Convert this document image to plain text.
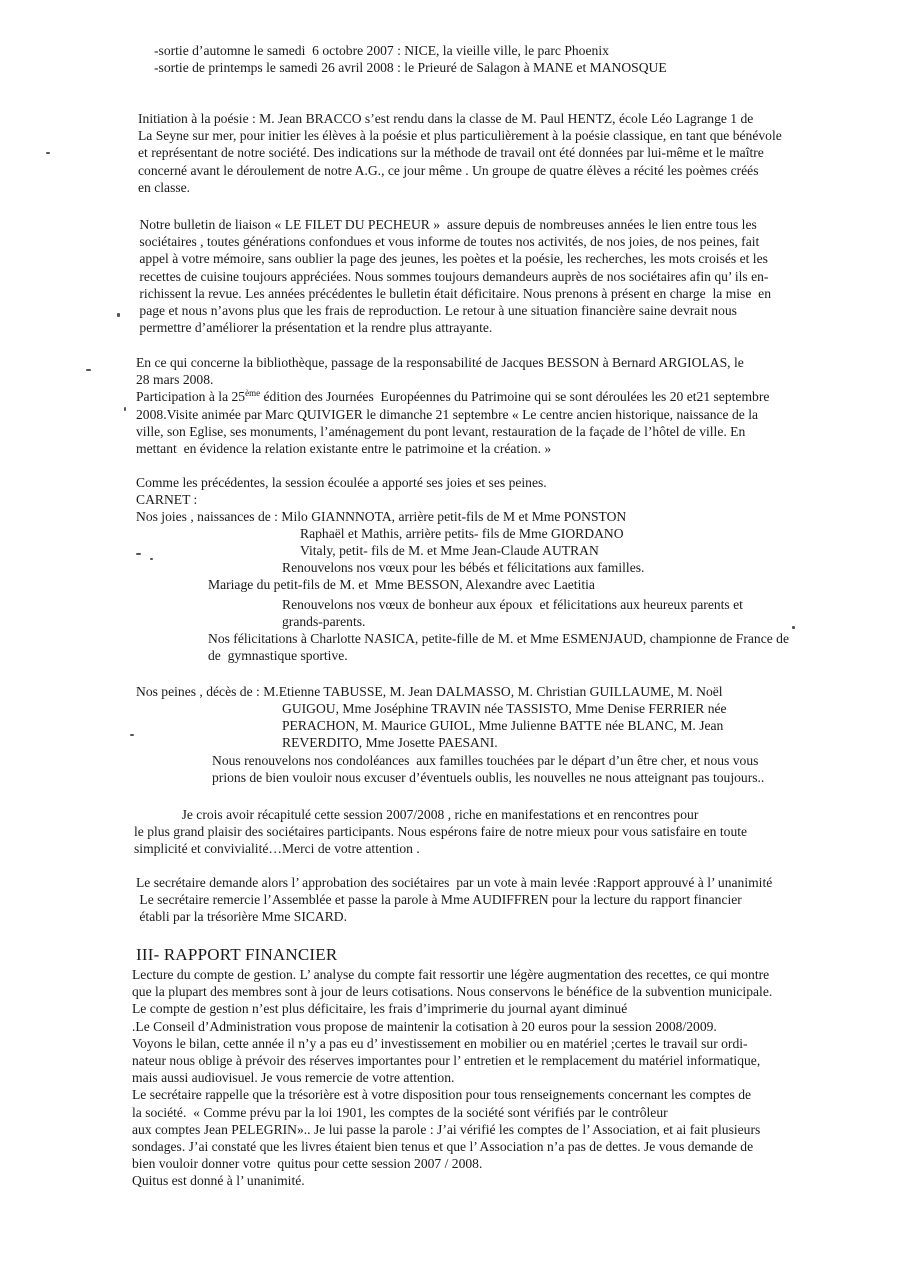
-sortie d’automne le samedi  6 octobre 2007 : NICE, la vieille ville, le parc Phoenix

-sortie de printemps le samedi 26 avril 2008 : le Prieuré de Salagon à MANE et MANOSQUE

Initiation à la poésie : M. Jean BRACCO s’est rendu dans la classe de M. Paul HENTZ, école Léo Lagrange 1 de

La Seyne sur mer, pour initier les élèves à la poésie et plus particulièrement à la poésie classique, en tant que bénévole

et représentant de notre société. Des indications sur la méthode de travail ont été données par lui-même et le maître

concerné avant le déroulement de notre A.G., ce jour même . Un groupe de quatre élèves a récité les poèmes créés

en classe.

Notre bulletin de liaison « LE FILET DU PECHEUR »  assure depuis de nombreuses années le lien entre tous les

sociétaires , toutes générations confondues et vous informe de toutes nos activités, de nos joies, de nos peines, fait

appel à votre mémoire, sans oublier la page des jeunes, les poètes et la poésie, les recherches, les mots croisés et les

recettes de cuisine toujours appréciées. Nous sommes toujours demandeurs auprès de nos sociétaires afin qu’ ils en-

richissent la revue. Les années précédentes le bulletin était déficitaire. Nous prenons à présent en charge  la mise  en

page et nous n’avons plus que les frais de reproduction. Le retour à une situation financière saine devrait nous

permettre d’améliorer la présentation et la rendre plus attrayante.

En ce qui concerne la bibliothèque, passage de la responsabilité de Jacques BESSON à Bernard ARGIOLAS, le

28 mars 2008.

Participation à la 25ème édition des Journées  Européennes du Patrimoine qui se sont déroulées les 20 et21 septembre

2008.Visite animée par Marc QUIVIGER le dimanche 21 septembre « Le centre ancien historique, naissance de la

ville, son Eglise, ses monuments, l’aménagement du pont levant, restauration de la façade de l’hôtel de ville. En

mettant  en évidence la relation existante entre le patrimoine et la création. »

Comme les précédentes, la session écoulée a apporté ses joies et ses peines.

CARNET :

Nos joies , naissances de : Milo GIANNNOTA, arrière petit-fils de M et Mme PONSTON

Raphaël et Mathis, arrière petits- fils de Mme GIORDANO

Vitaly, petit- fils de M. et Mme Jean-Claude AUTRAN

Renouvelons nos vœux pour les bébés et félicitations aux familles.

Mariage du petit-fils de M. et  Mme BESSON, Alexandre avec Laetitia

Renouvelons nos vœux de bonheur aux époux  et félicitations aux heureux parents et

grands-parents.

Nos félicitations à Charlotte NASICA, petite-fille de M. et Mme ESMENJAUD, championne de France de

de  gymnastique sportive.

Nos peines , décès de : M.Etienne TABUSSE, M. Jean DALMASSO, M. Christian GUILLAUME, M. Noël

GUIGOU, Mme Joséphine TRAVIN née TASSISTO, Mme Denise FERRIER née

PERACHON, M. Maurice GUIOL, Mme Julienne BATTE née BLANC, M. Jean

REVERDITO, Mme Josette PAESANI.

Nous renouvelons nos condoléances  aux familles touchées par le départ d’un être cher, et nous vous

prions de bien vouloir nous excuser d’éventuels oublis, les nouvelles ne nous atteignant pas toujours..

Je crois avoir récapitulé cette session 2007/2008 , riche en manifestations et en rencontres pour

le plus grand plaisir des sociétaires participants. Nous espérons faire de notre mieux pour vous satisfaire en toute

simplicité et convivialité…Merci de votre attention .

Le secrétaire demande alors l’ approbation des sociétaires  par un vote à main levée :Rapport approuvé à l’ unanimité

Le secrétaire remercie l’Assemblée et passe la parole à Mme AUDIFFREN pour la lecture du rapport financier

établi par la trésorière Mme SICARD.

III- RAPPORT FINANCIER

Lecture du compte de gestion. L’ analyse du compte fait ressortir une légère augmentation des recettes, ce qui montre

que la plupart des membres sont à jour de leurs cotisations. Nous conservons le bénéfice de la subvention municipale.

Le compte de gestion n’est plus déficitaire, les frais d’imprimerie du journal ayant diminué

.Le Conseil d’Administration vous propose de maintenir la cotisation à 20 euros pour la session 2008/2009.

Voyons le bilan, cette année il n’y a pas eu d’ investissement en mobilier ou en matériel ;certes le travail sur ordi-

nateur nous oblige à prévoir des réserves importantes pour l’ entretien et le remplacement du matériel informatique,

mais aussi audiovisuel. Je vous remercie de votre attention.

Le secrétaire rappelle que la trésorière est à votre disposition pour tous renseignements concernant les comptes de

la société.  « Comme prévu par la loi 1901, les comptes de la société sont vérifiés par le contrôleur

aux comptes Jean PELEGRIN».. Je lui passe la parole : J’ai vérifié les comptes de l’ Association, et ai fait plusieurs

sondages. J’ai constaté que les livres étaient bien tenus et que l’ Association n’a pas de dettes. Je vous demande de

bien vouloir donner votre  quitus pour cette session 2007 / 2008.

Quitus est donné à l’ unanimité.
